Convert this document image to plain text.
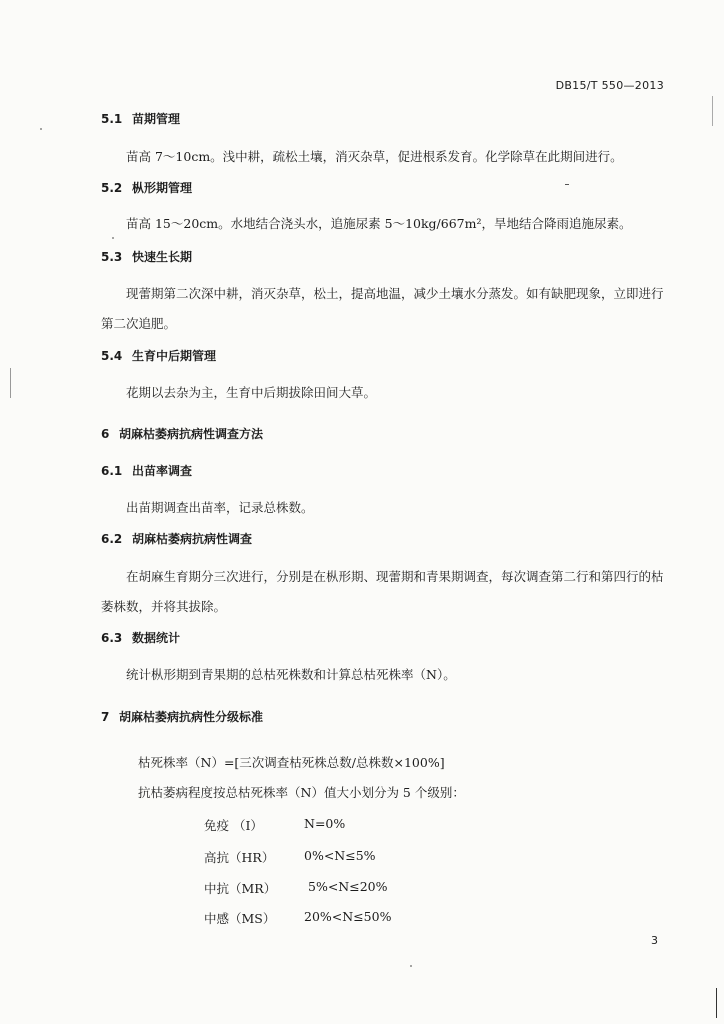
DB15/T 550—2013
5.1 苗期管理
苗高 7～10cm。浅中耕，疏松土壤，消灭杂草，促进根系发育。化学除草在此期间进行。
5.2 枞形期管理
苗高 15～20cm。水地结合浇头水，追施尿素 5～10kg/667m²，旱地结合降雨追施尿素。
5.3 快速生长期
现蕾期第二次深中耕，消灭杂草，松土，提高地温，减少土壤水分蒸发。如有缺肥现象，立即进行
第二次追肥。
5.4 生育中后期管理
花期以去杂为主，生育中后期拔除田间大草。
6 胡麻枯萎病抗病性调查方法
6.1 出苗率调查
出苗期调查出苗率，记录总株数。
6.2 胡麻枯萎病抗病性调查
在胡麻生育期分三次进行，分别是在枞形期、现蕾期和青果期调查，每次调查第二行和第四行的枯
萎株数，并将其拔除。
6.3 数据统计
统计枞形期到青果期的总枯死株数和计算总枯死株率（N）。
7 胡麻枯萎病抗病性分级标准
枯死株率（N）=[三次调查枯死株总数/总株数×100%]
抗枯萎病程度按总枯死株率（N）值大小划分为 5 个级别：
免疫 （I）	N=0%
高抗（HR） 0%<N≤5%
中抗（MR）	5%<N≤20%
中感（MS） 20%<N≤50%
3
